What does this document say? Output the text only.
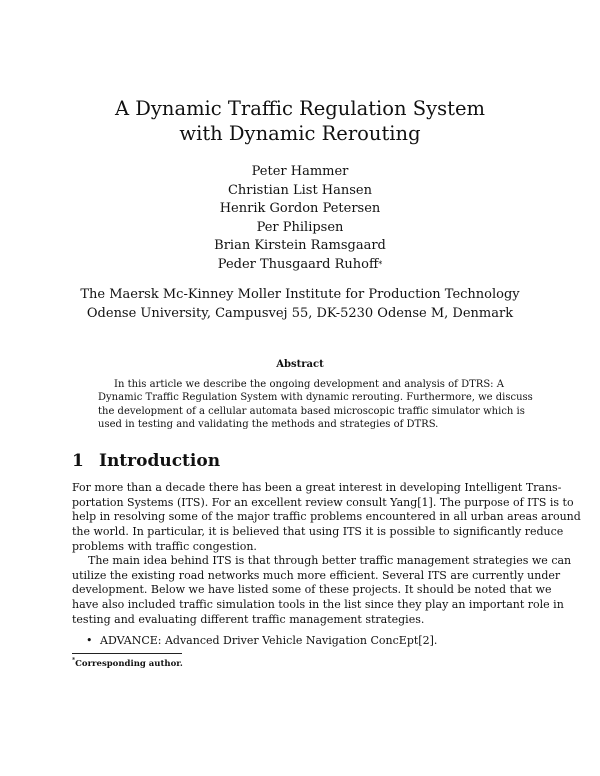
A Dynamic Traffic Regulation System
with Dynamic Rerouting
Peter Hammer
Christian List Hansen
Henrik Gordon Petersen
Per Philipsen
Brian Kirstein Ramsgaard
Peder Thusgaard Ruhoff*
The Maersk Mc-Kinney Moller Institute for Production Technology
Odense University, Campusvej 55, DK-5230 Odense M, Denmark
Abstract
In this article we describe the ongoing development and analysis of DTRS: A
Dynamic Traffic Regulation System with dynamic rerouting. Furthermore, we discuss
the development of a cellular automata based microscopic traffic simulator which is
used in testing and validating the methods and strategies of DTRS.
1 Introduction
For more than a decade there has been a great interest in developing Intelligent Trans-
portation Systems (ITS). For an excellent review consult Yang[1]. The purpose of ITS is to
help in resolving some of the major traffic problems encountered in all urban areas around
the world. In particular, it is believed that using ITS it is possible to significantly reduce
problems with traffic congestion.
The main idea behind ITS is that through better traffic management strategies we can
utilize the existing road networks much more efficient. Several ITS are currently under
development. Below we have listed some of these projects. It should be noted that we
have also included traffic simulation tools in the list since they play an important role in
testing and evaluating different traffic management strategies.
• ADVANCE: Advanced Driver Vehicle Navigation ConcEpt[2].
*Corresponding author.
